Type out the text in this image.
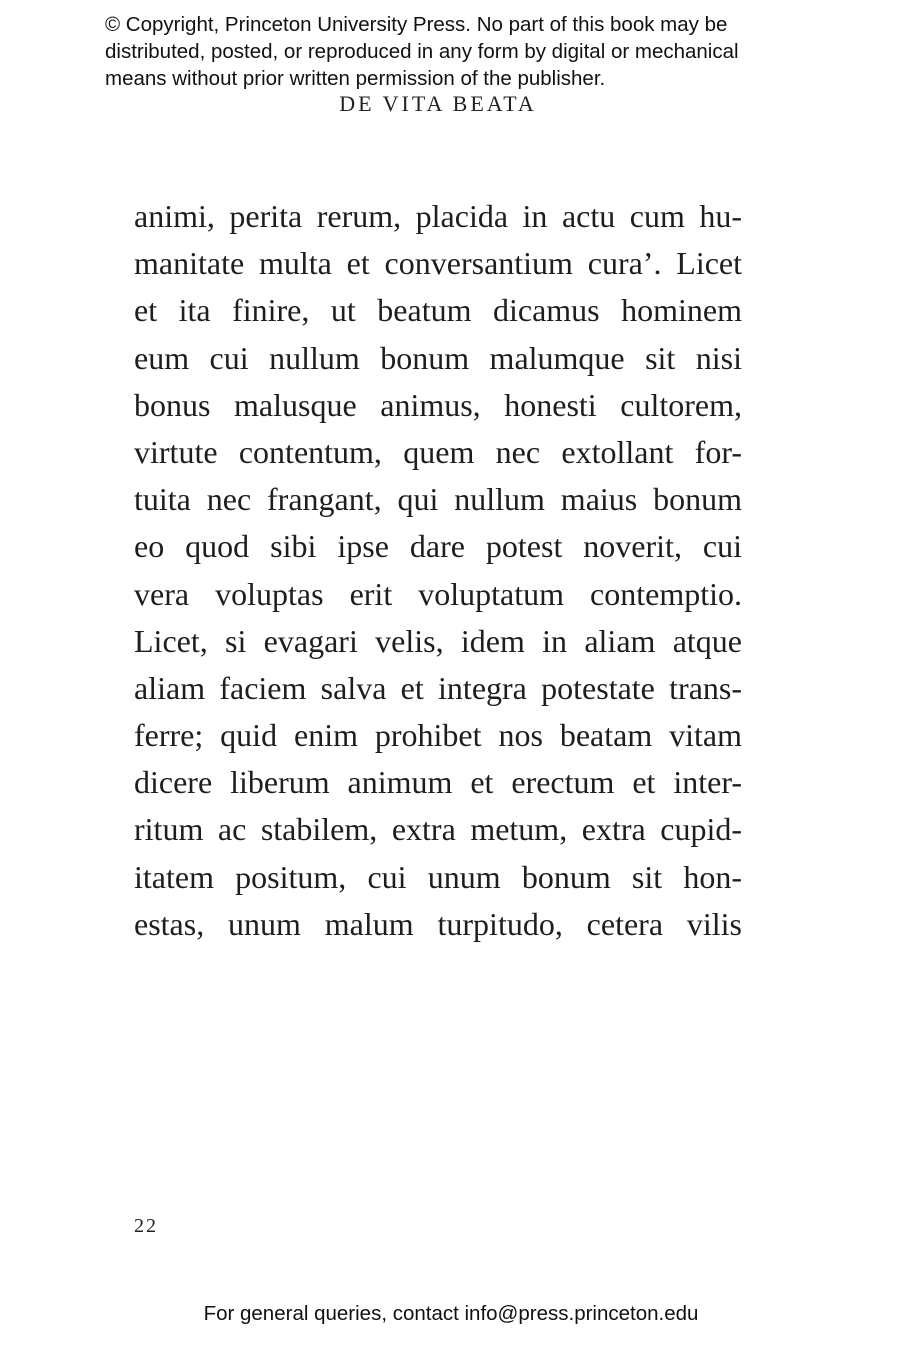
© Copyright, Princeton University Press. No part of this book may be
distributed, posted, or reproduced in any form by digital or mechanical
means without prior written permission of the publisher.
DE VITA BEATA
animi, perita rerum, placida in actu cum hu-
manitate multa et conversantium cura’. Licet
et ita finire, ut beatum dicamus hominem
eum cui nullum bonum malumque sit nisi
bonus malusque animus, honesti cultorem,
virtute contentum, quem nec extollant for-
tuita nec frangant, qui nullum maius bonum
eo quod sibi ipse dare potest noverit, cui
vera voluptas erit voluptatum contemptio.
Licet, si evagari velis, idem in aliam atque
aliam faciem salva et integra potestate trans-
ferre; quid enim prohibet nos beatam vitam
dicere liberum animum et erectum et inter-
ritum ac stabilem, extra metum, extra cupid-
itatem positum, cui unum bonum sit hon-
estas, unum malum turpitudo, cetera vilis
22
For general queries, contact info@press.princeton.edu
